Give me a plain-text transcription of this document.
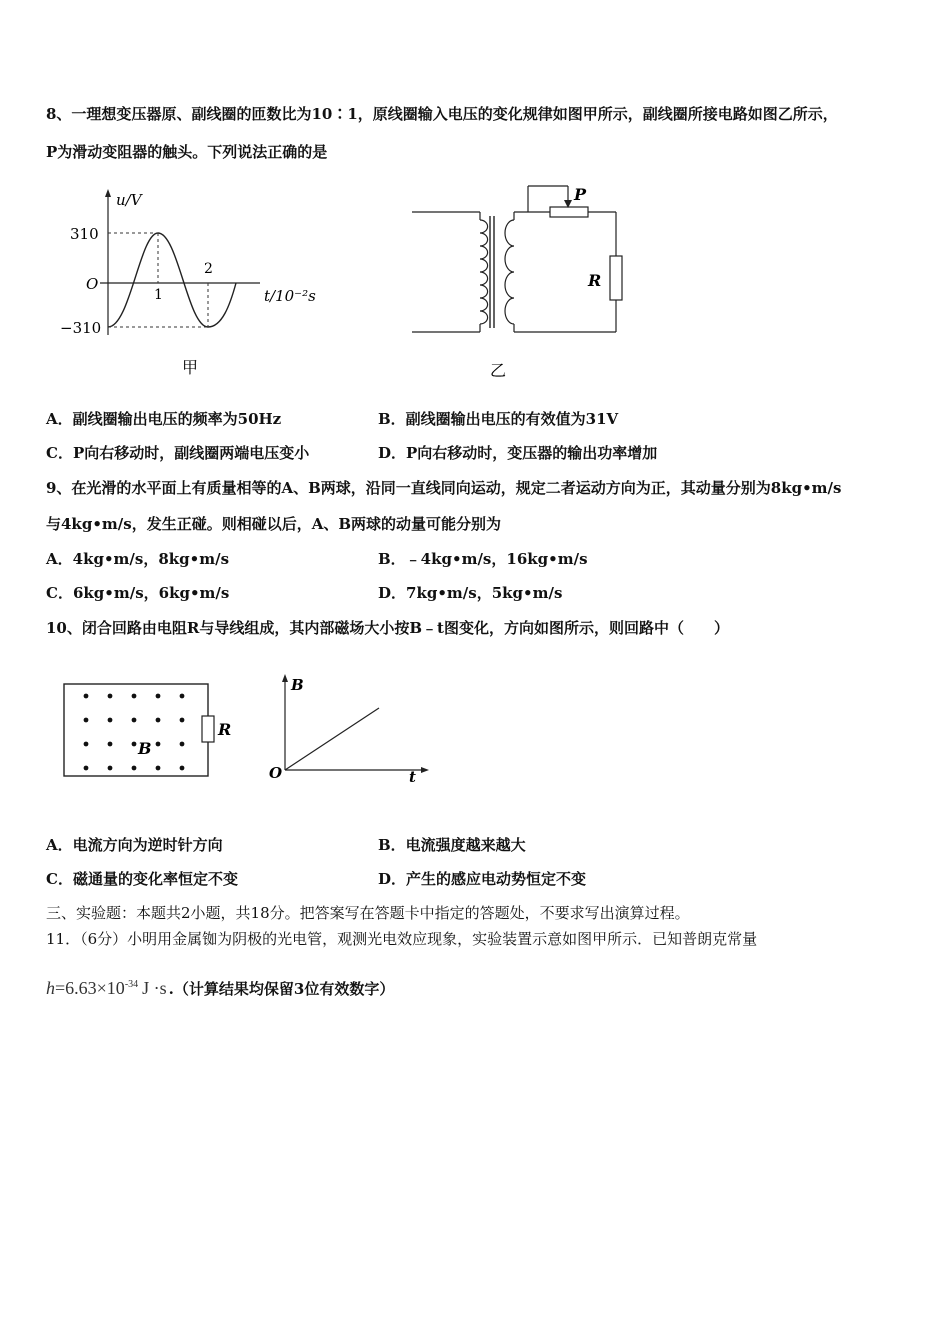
8、一理想变压器原、副线圈的匝数比为10∶1，原线圈输入电压的变化规律如图甲所示，副线圈所接电路如图乙所示，
P为滑动变阻器的触头。下列说法正确的是
u/V
310
O
−310
1
2
t/10⁻²s
甲
P
R
乙
A．副线圈输出电压的频率为50Hz	B．副线圈输出电压的有效值为31V
C．P向右移动时，副线圈两端电压变小	D．P向右移动时，变压器的输出功率增加
9、在光滑的水平面上有质量相等的A、B两球，沿同一直线同向运动，规定二者运动方向为正，其动量分别为8kg•m/s
与4kg•m/s，发生正碰。则相碰以后，A、B两球的动量可能分别为
A．4kg•m/s，8kg•m/s	B．﹣4kg•m/s，16kg•m/s
C．6kg•m/s，6kg•m/s	D．7kg•m/s，5kg•m/s
10、闭合回路由电阻R与导线组成，其内部磁场大小按B﹣t图变化，方向如图所示，则回路中（　　）
B
R
B
O	t
A．电流方向为逆时针方向	B．电流强度越来越大
C．磁通量的变化率恒定不变	D．产生的感应电动势恒定不变
三、实验题：本题共2小题，共18分。把答案写在答题卡中指定的答题处，不要求写出演算过程。
11．（6分）小明用金属铷为阴极的光电管，观测光电效应现象，实验装置示意如图甲所示．已知普朗克常量
$h=6.63\times 10^{-34}$ J ·s .（计算结果均保留3位有效数字）
